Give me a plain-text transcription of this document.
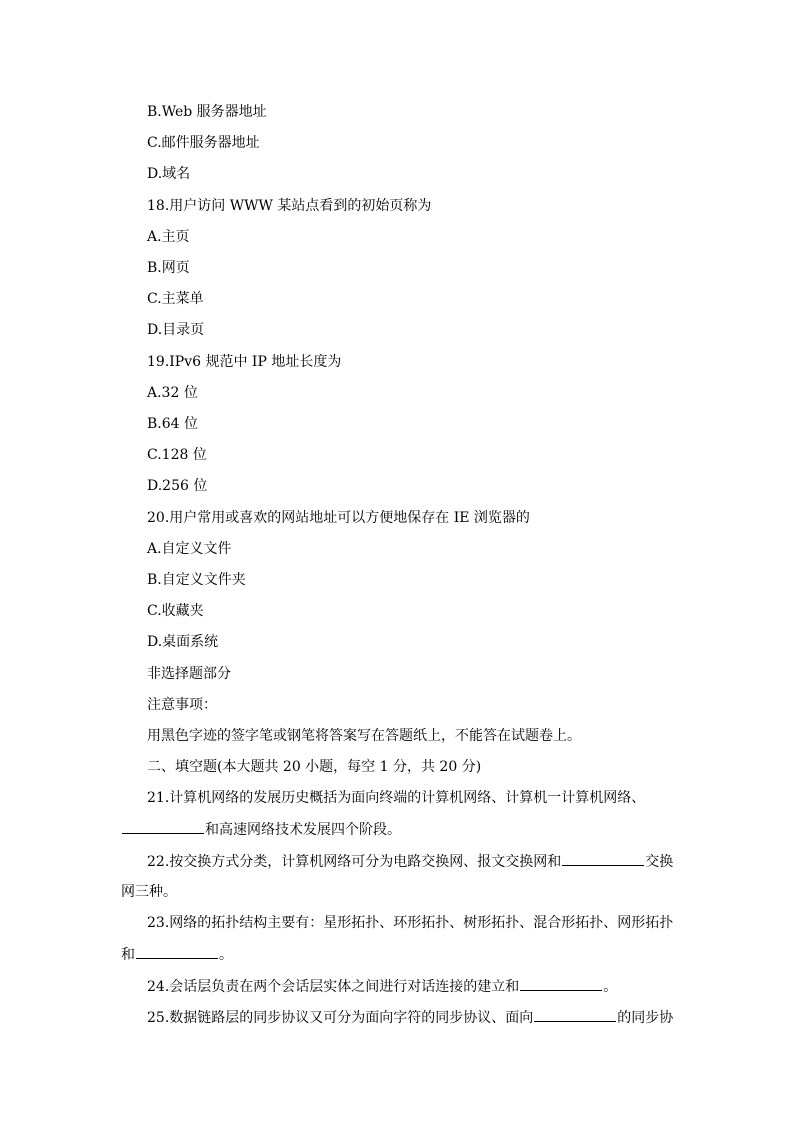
B.Web 服务器地址
C.邮件服务器地址
D.域名
18.用户访问 WWW 某站点看到的初始页称为
A.主页
B.网页
C.主菜单
D.目录页
19.IPv6 规范中 IP 地址长度为
A.32 位
B.64 位
C.128 位
D.256 位
20.用户常用或喜欢的网站地址可以方便地保存在 IE 浏览器的
A.自定义文件
B.自定义文件夹
C.收藏夹
D.桌面系统
非选择题部分
注意事项：
用黑色字迹的签字笔或钢笔将答案写在答题纸上，不能答在试题卷上。
二、填空题(本大题共 20 小题，每空 1 分，共 20 分)
21.计算机网络的发展历史概括为面向终端的计算机网络、计算机一计算机网络、
和高速网络技术发展四个阶段。
22.按交换方式分类，计算机网络可分为电路交换网、报文交换网和	交换
网三种。
23.网络的拓扑结构主要有：星形拓扑、环形拓扑、树形拓扑、混合形拓扑、网形拓扑
和	。
24.会话层负责在两个会话层实体之间进行对话连接的建立和	。
25.数据链路层的同步协议又可分为面向字符的同步协议、面向	的同步协
